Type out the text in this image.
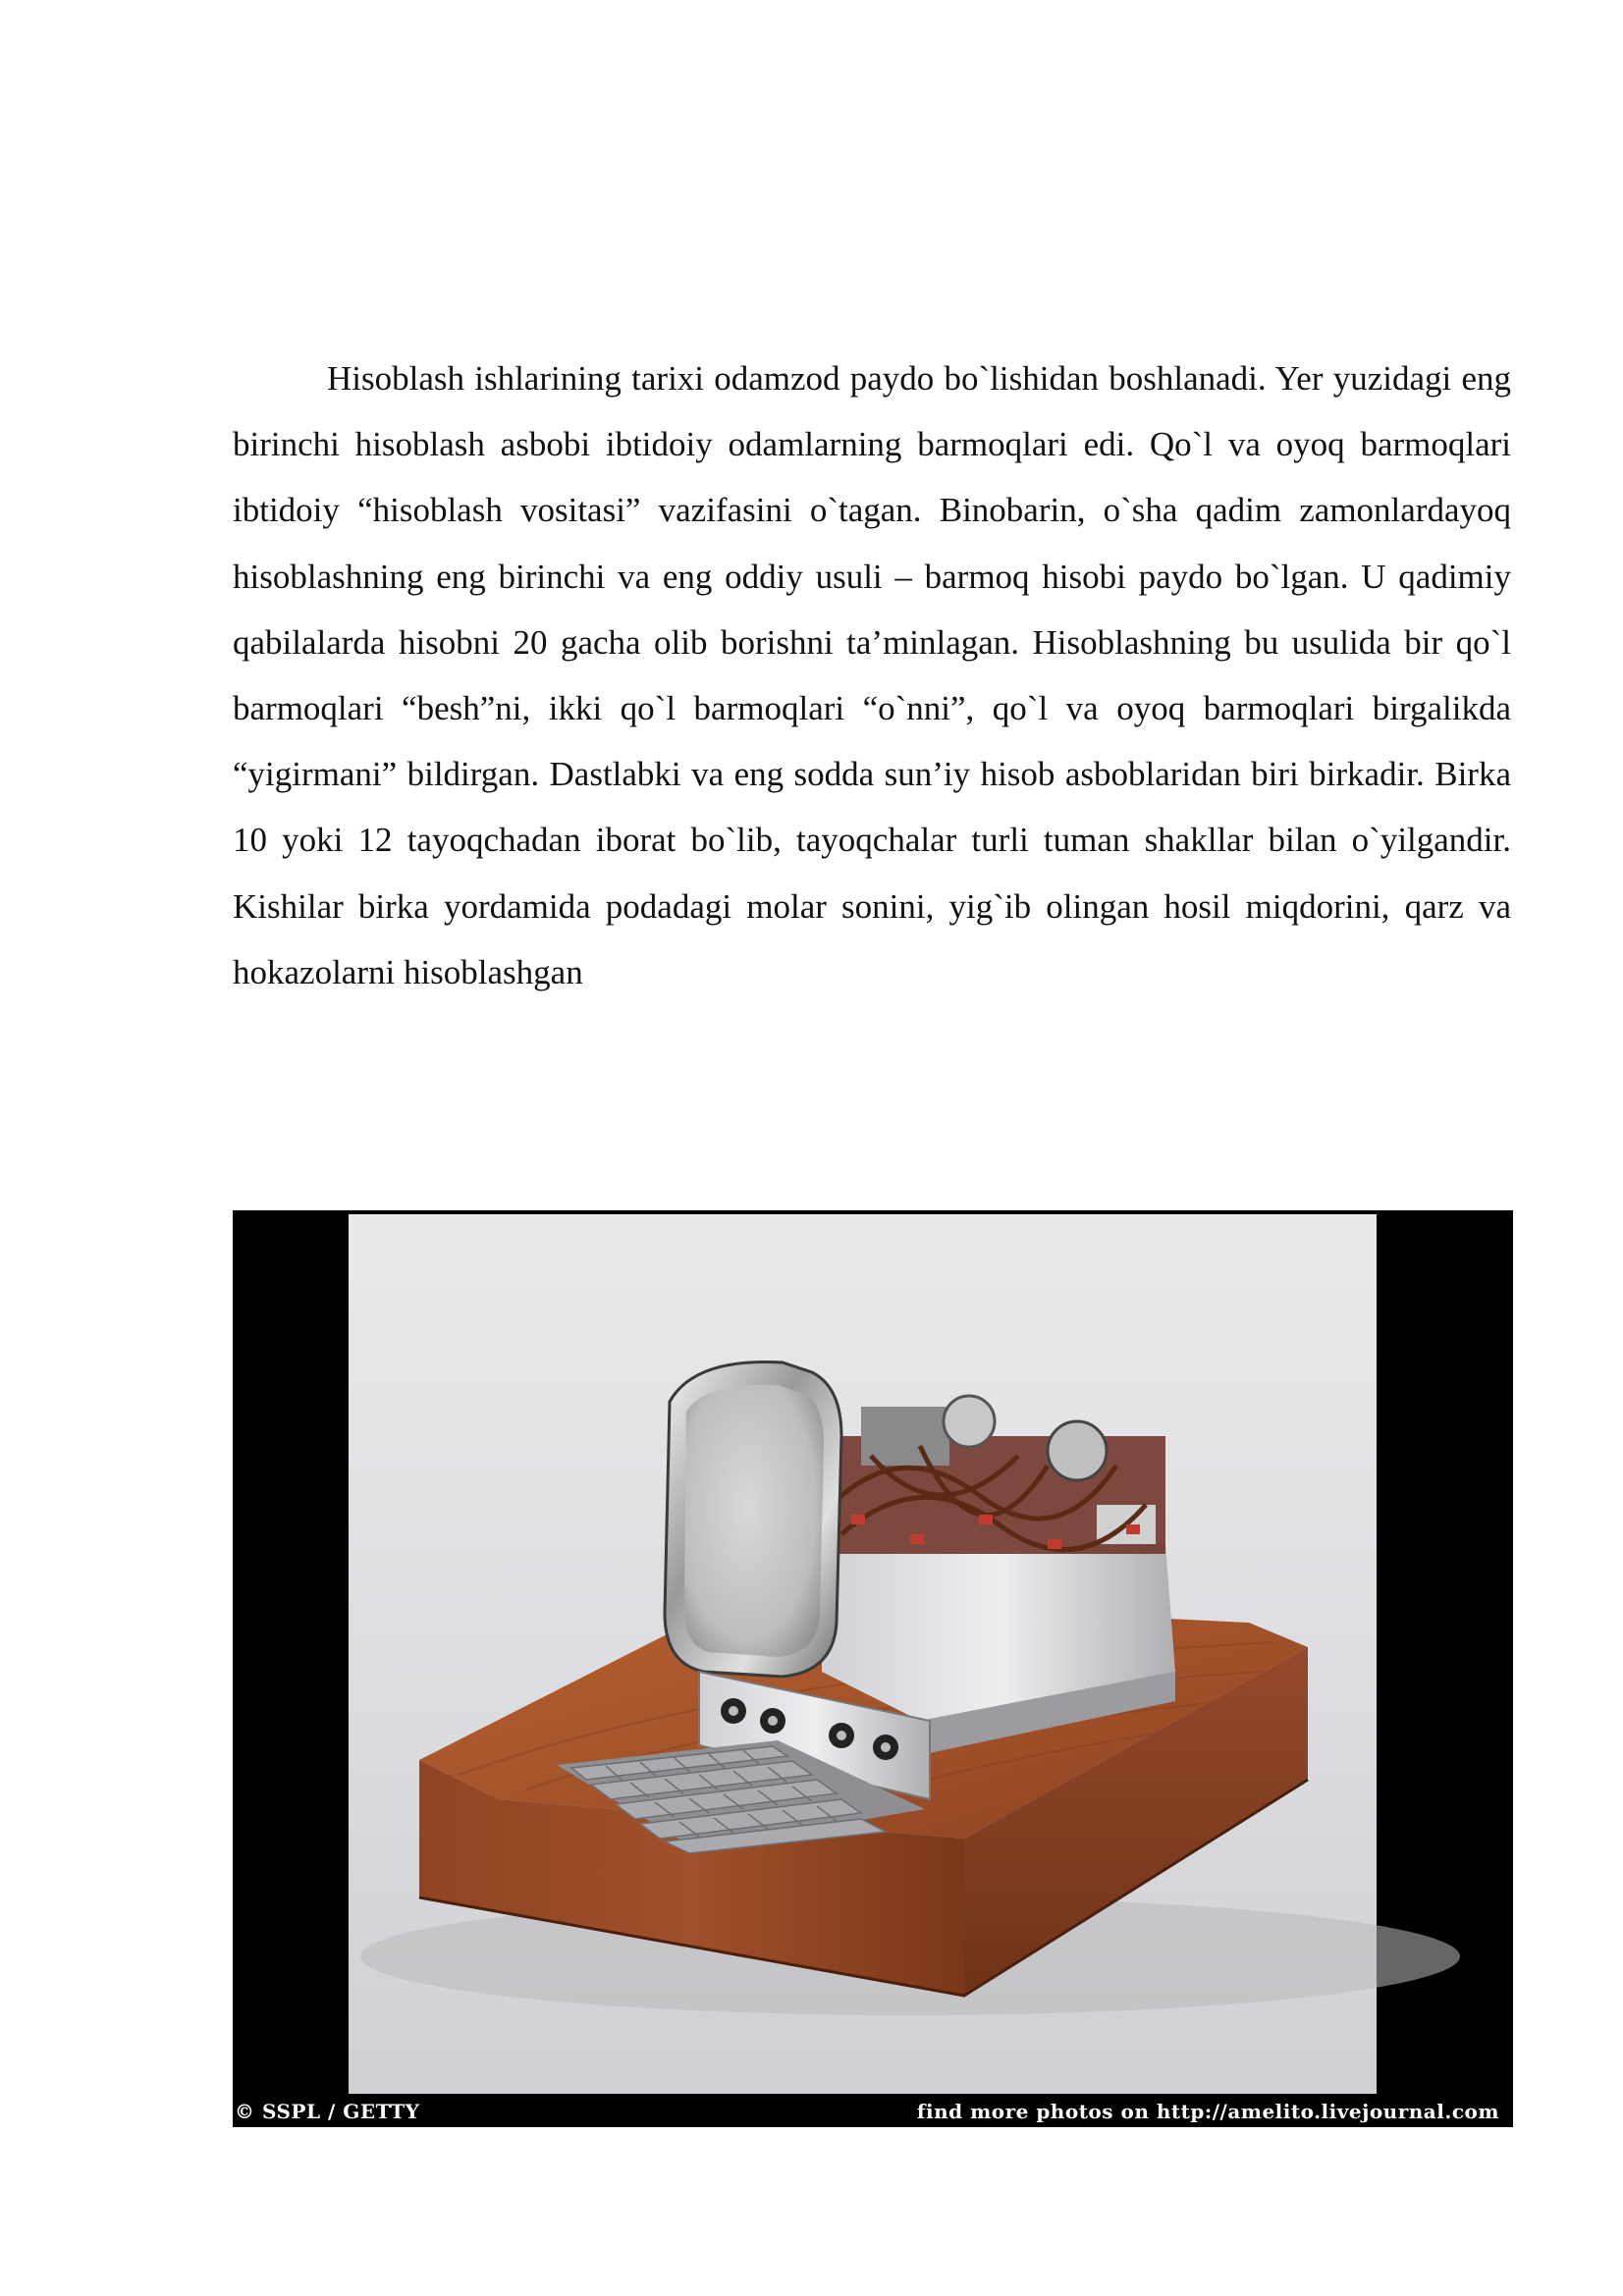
Hisoblash ishlarining tarixi odamzod paydo bo`lishidan boshlanadi. Yer yuzidagi eng birinchi hisoblash asbobi ibtidoiy odamlarning barmoqlari edi. Qo`l va oyoq barmoqlari ibtidoiy “hisoblash vositasi” vazifasini o`tagan. Binobarin, o`sha qadim zamonlardayoq hisoblashning eng birinchi va eng oddiy usuli – barmoq hisobi paydo bo`lgan. U qadimiy qabilalarda hisobni 20 gacha olib borishni ta’minlagan. Hisoblashning bu usulida bir qo`l barmoqlari “besh”ni, ikki qo`l barmoqlari “o`nni”, qo`l va oyoq barmoqlari birgalikda “yigirmani” bildirgan. Dastlabki va eng sodda sun’iy hisob asboblaridan biri birkadir. Birka 10 yoki 12 tayoqchadan iborat bo`lib, tayoqchalar turli tuman shakllar bilan o`yilgandir. Kishilar birka yordamida podadagi molar sonini, yig`ib olingan hosil miqdorini, qarz va hokazolarni hisoblashgan

© SSPL / GETTY	find more photos on http://amelito.livejournal.com
